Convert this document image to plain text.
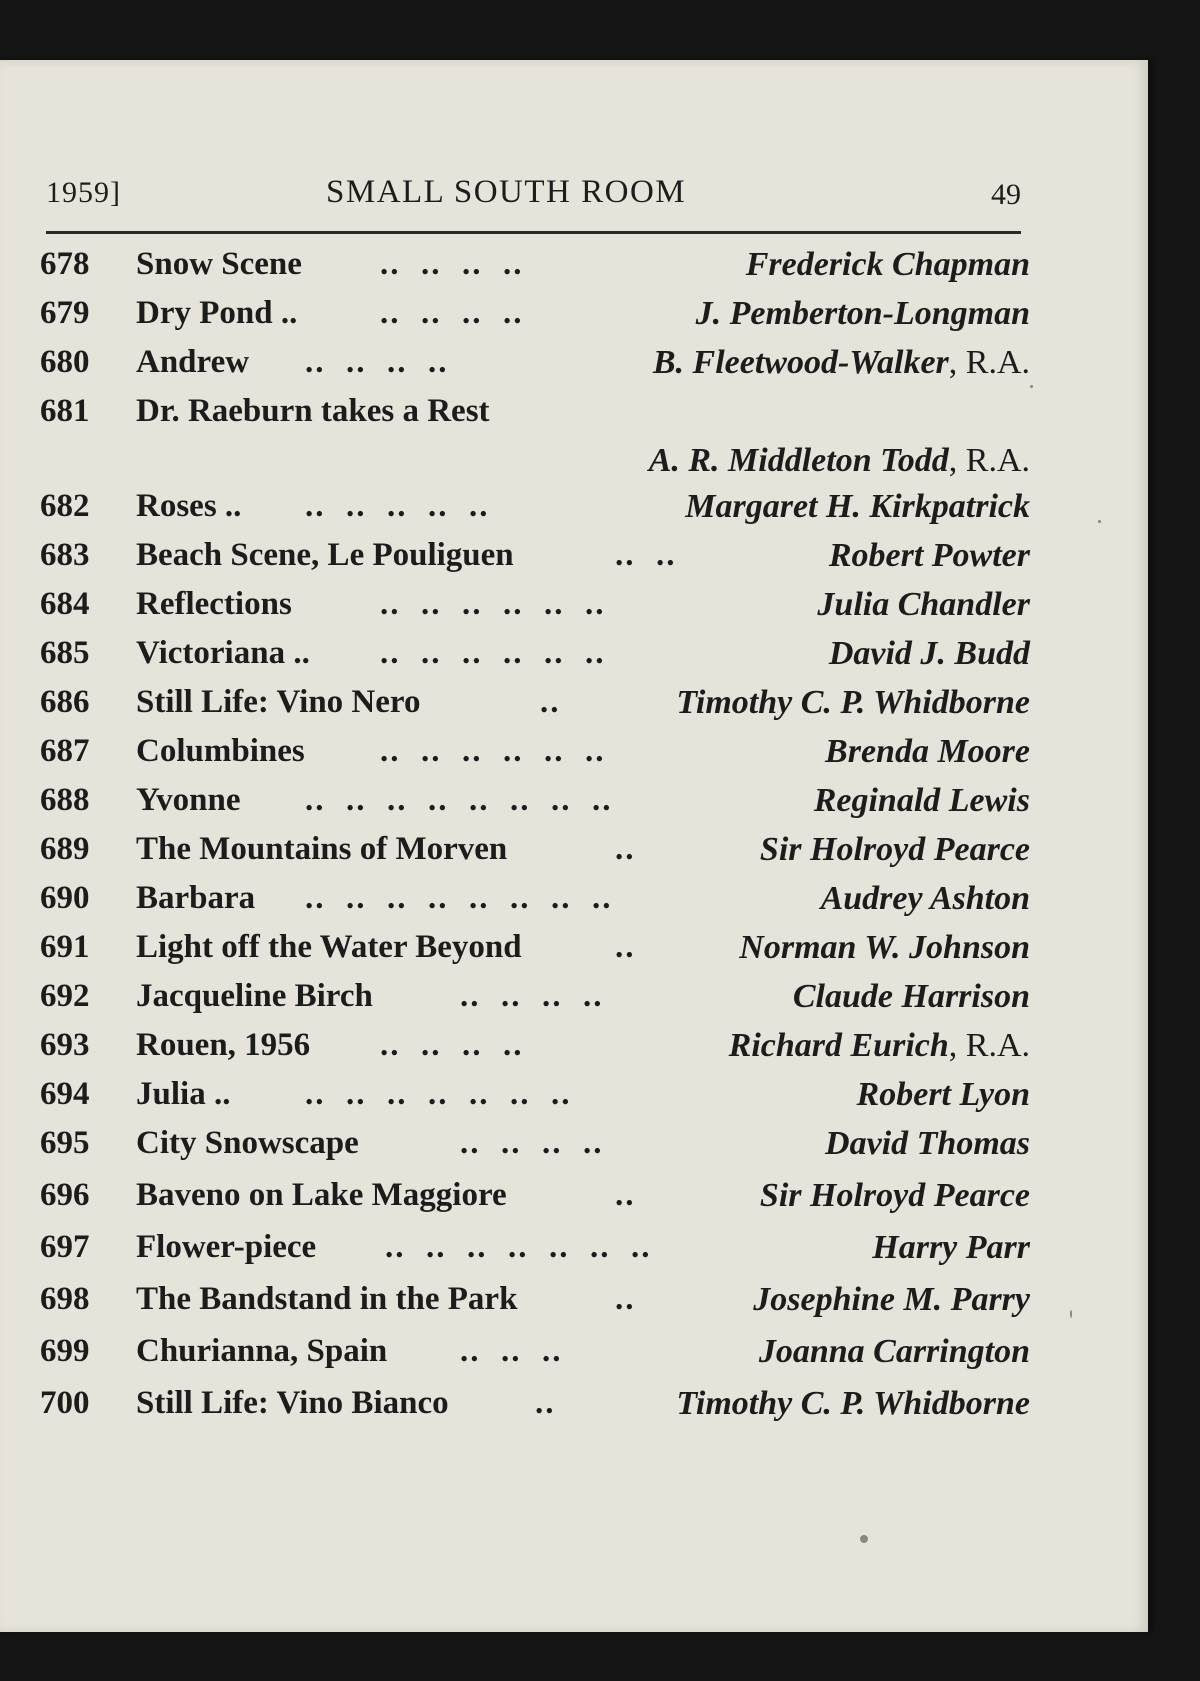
1959]	SMALL SOUTH ROOM	49
678 Snow Scene ..  ..  ..  ..	Frederick Chapman
679 Dry Pond ..	..  ..  ..  ..	J. Pemberton-Longman
680 Andrew ..  ..  ..  ..	B. Fleetwood-Walker, R.A.
681 Dr. Raeburn takes a Rest
A. R. Middleton Todd, R.A.
682 Roses .. ..  ..  ..  ..  ..	Margaret H. Kirkpatrick
683 Beach Scene, Le Pouliguen	..  ..	Robert Powter
684 Reflections	..  ..  ..  ..  ..  ..	Julia Chandler
685 Victoriana .. ..  ..  ..  ..  ..  ..	David J. Budd
686 Still Life: Vino Nero	..	Timothy C. P. Whidborne
687 Columbines ..  ..  ..  ..  ..  ..	Brenda Moore
688 Yvonne ..  ..  ..  ..  ..  ..  ..  ..	Reginald Lewis
689 The Mountains of Morven	..	Sir Holroyd Pearce
690 Barbara ..  ..  ..  ..  ..  ..  ..  ..	Audrey Ashton
691 Light off the Water Beyond	..	Norman W. Johnson
692 Jacqueline Birch	..  ..  ..  ..	Claude Harrison
693 Rouen, 1956 ..  ..  ..  ..	Richard Eurich, R.A.
694 Julia .. ..  ..  ..  ..  ..  ..  ..	Robert Lyon
695 City Snowscape	..  ..  ..  ..	David Thomas
696 Baveno on Lake Maggiore	..	Sir Holroyd Pearce
697 Flower-piece ..  ..  ..  ..  ..  ..  ..	Harry Parr
698 The Bandstand in the Park	..	Josephine M. Parry
699 Churianna, Spain ..  ..  ..	Joanna Carrington
700 Still Life: Vino Bianco	..	Timothy C. P. Whidborne
